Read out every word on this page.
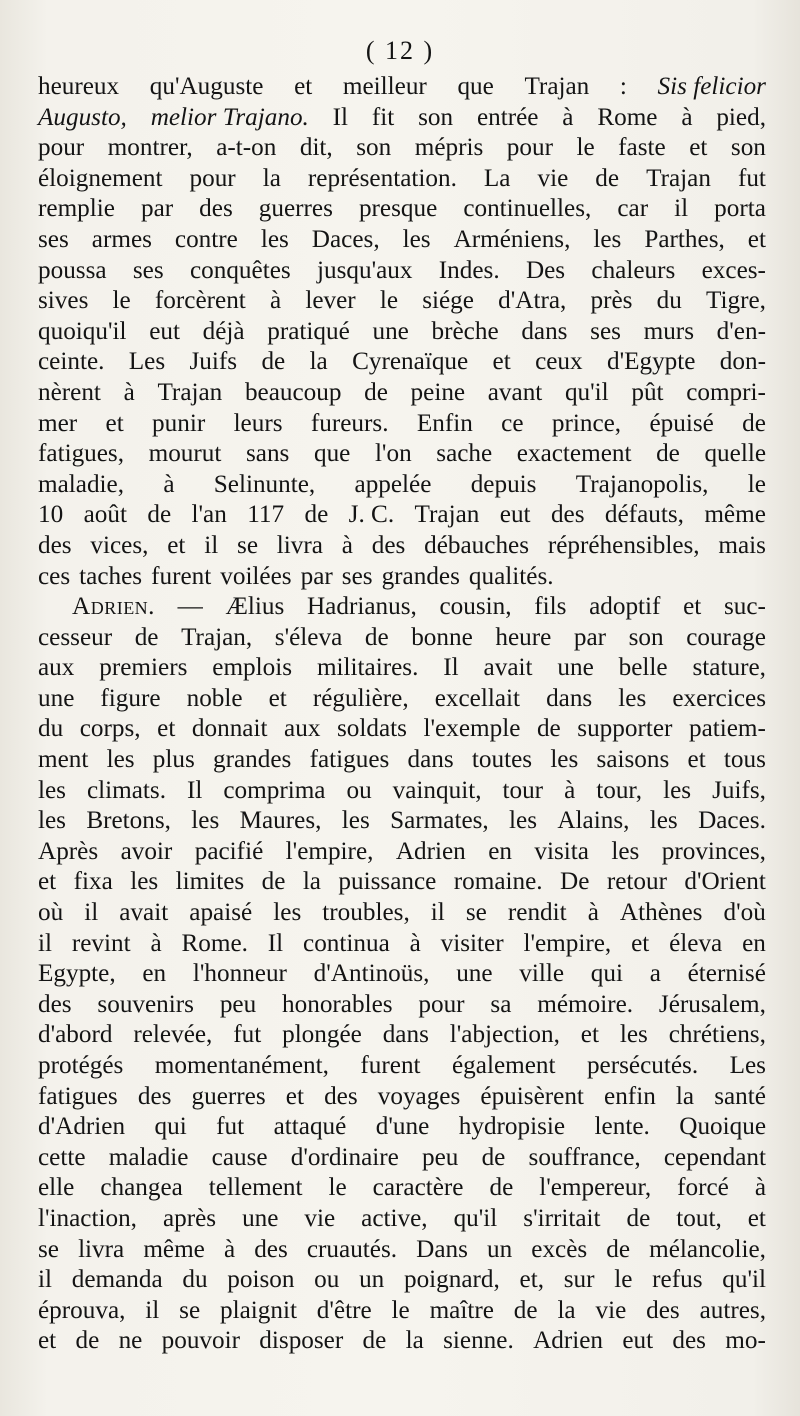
( 12 )
heureux qu'Auguste et meilleur que Trajan : Sis felicior
Augusto, melior Trajano. Il fit son entrée à Rome à pied,
pour montrer, a-t-on dit, son mépris pour le faste et son
éloignement pour la représentation. La vie de Trajan fut
remplie par des guerres presque continuelles, car il porta
ses armes contre les Daces, les Arméniens, les Parthes, et
poussa ses conquêtes jusqu'aux Indes. Des chaleurs exces-
sives le forcèrent à lever le siége d'Atra, près du Tigre,
quoiqu'il eut déjà pratiqué une brèche dans ses murs d'en-
ceinte. Les Juifs de la Cyrenaïque et ceux d'Egypte don-
nèrent à Trajan beaucoup de peine avant qu'il pût compri-
mer et punir leurs fureurs. Enfin ce prince, épuisé de
fatigues, mourut sans que l'on sache exactement de quelle
maladie, à Selinunte, appelée depuis Trajanopolis, le
10 août de l'an 117 de J. C. Trajan eut des défauts, même
des vices, et il se livra à des débauches répréhensibles, mais
ces taches furent voilées par ses grandes qualités.
Adrien. — Ælius Hadrianus, cousin, fils adoptif et suc-
cesseur de Trajan, s'éleva de bonne heure par son courage
aux premiers emplois militaires. Il avait une belle stature,
une figure noble et régulière, excellait dans les exercices
du corps, et donnait aux soldats l'exemple de supporter patiem-
ment les plus grandes fatigues dans toutes les saisons et tous
les climats. Il comprima ou vainquit, tour à tour, les Juifs,
les Bretons, les Maures, les Sarmates, les Alains, les Daces.
Après avoir pacifié l'empire, Adrien en visita les provinces,
et fixa les limites de la puissance romaine. De retour d'Orient
où il avait apaisé les troubles, il se rendit à Athènes d'où
il revint à Rome. Il continua à visiter l'empire, et éleva en
Egypte, en l'honneur d'Antinoüs, une ville qui a éternisé
des souvenirs peu honorables pour sa mémoire. Jérusalem,
d'abord relevée, fut plongée dans l'abjection, et les chrétiens,
protégés momentanément, furent également persécutés. Les
fatigues des guerres et des voyages épuisèrent enfin la santé
d'Adrien qui fut attaqué d'une hydropisie lente. Quoique
cette maladie cause d'ordinaire peu de souffrance, cependant
elle changea tellement le caractère de l'empereur, forcé à
l'inaction, après une vie active, qu'il s'irritait de tout, et
se livra même à des cruautés. Dans un excès de mélancolie,
il demanda du poison ou un poignard, et, sur le refus qu'il
éprouva, il se plaignit d'être le maître de la vie des autres,
et de ne pouvoir disposer de la sienne. Adrien eut des mo-
